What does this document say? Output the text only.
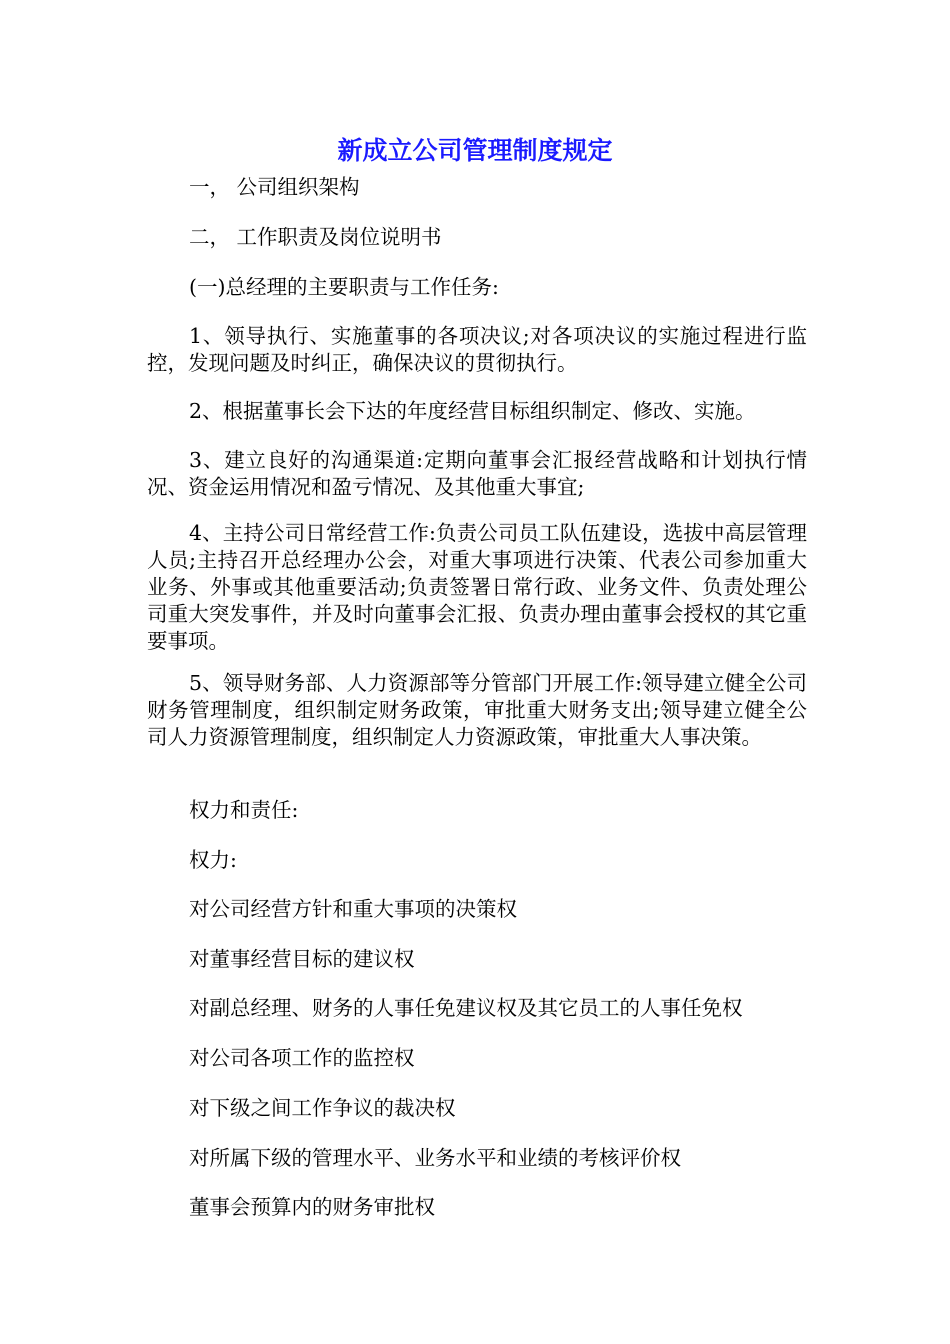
新成立公司管理制度规定

一， 公司组织架构

二， 工作职责及岗位说明书

(一)总经理的主要职责与工作任务:

1、领导执行、实施董事的各项决议;对各项决议的实施过程进行监控，发现问题及时纠正，确保决议的贯彻执行。

2、根据董事长会下达的年度经营目标组织制定、修改、实施。

3、建立良好的沟通渠道:定期向董事会汇报经营战略和计划执行情况、资金运用情况和盈亏情况、及其他重大事宜;

4、主持公司日常经营工作:负责公司员工队伍建设，选拔中高层管理人员;主持召开总经理办公会，对重大事项进行决策、代表公司参加重大业务、外事或其他重要活动;负责签署日常行政、业务文件、负责处理公司重大突发事件，并及时向董事会汇报、负责办理由董事会授权的其它重要事项。

5、领导财务部、人力资源部等分管部门开展工作:领导建立健全公司财务管理制度，组织制定财务政策，审批重大财务支出;领导建立健全公司人力资源管理制度，组织制定人力资源政策，审批重大人事决策。

权力和责任:

权力:

对公司经营方针和重大事项的决策权

对董事经营目标的建议权

对副总经理、财务的人事任免建议权及其它员工的人事任免权

对公司各项工作的监控权

对下级之间工作争议的裁决权

对所属下级的管理水平、业务水平和业绩的考核评价权

董事会预算内的财务审批权
